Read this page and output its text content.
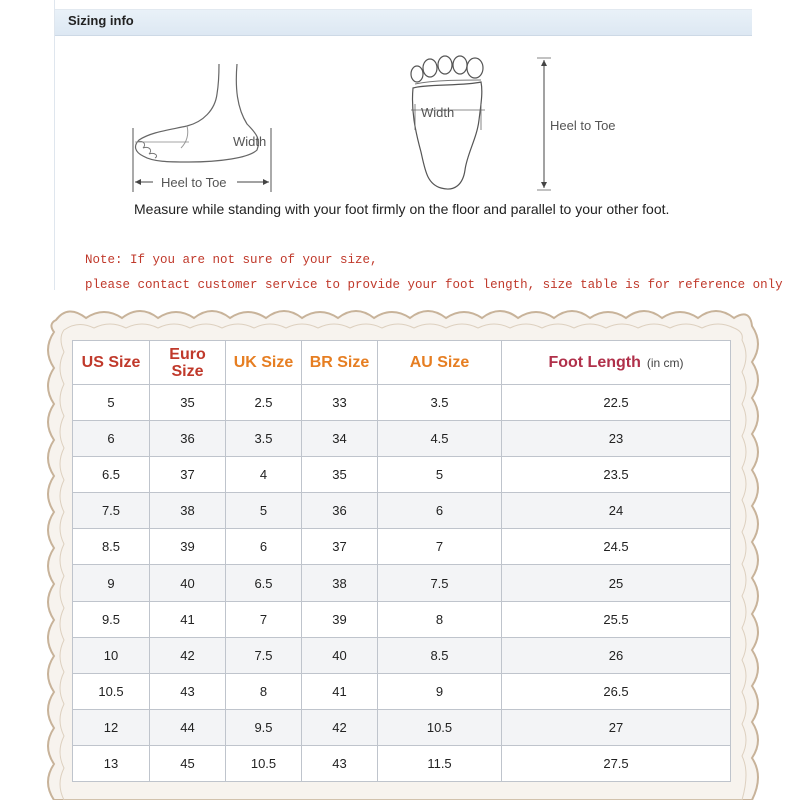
Sizing info
Width
Heel to Toe
Width
Heel to Toe
Measure while standing with your foot firmly on the floor and parallel to your other foot.
Note: If you are not sure of your size,
please contact customer service to provide your foot length, size table is for reference only
US Size	Euro
Size	UK Size	BR Size	AU Size	Foot Length (in cm)
5	35	2.5	33	3.5	22.5
6	36	3.5	34	4.5	23
6.5	37	4	35	5	23.5
7.5	38	5	36	6	24
8.5	39	6	37	7	24.5
9	40	6.5	38	7.5	25
9.5	41	7	39	8	25.5
10	42	7.5	40	8.5	26
10.5	43	8	41	9	26.5
12	44	9.5	42	10.5	27
13	45	10.5	43	11.5	27.5
